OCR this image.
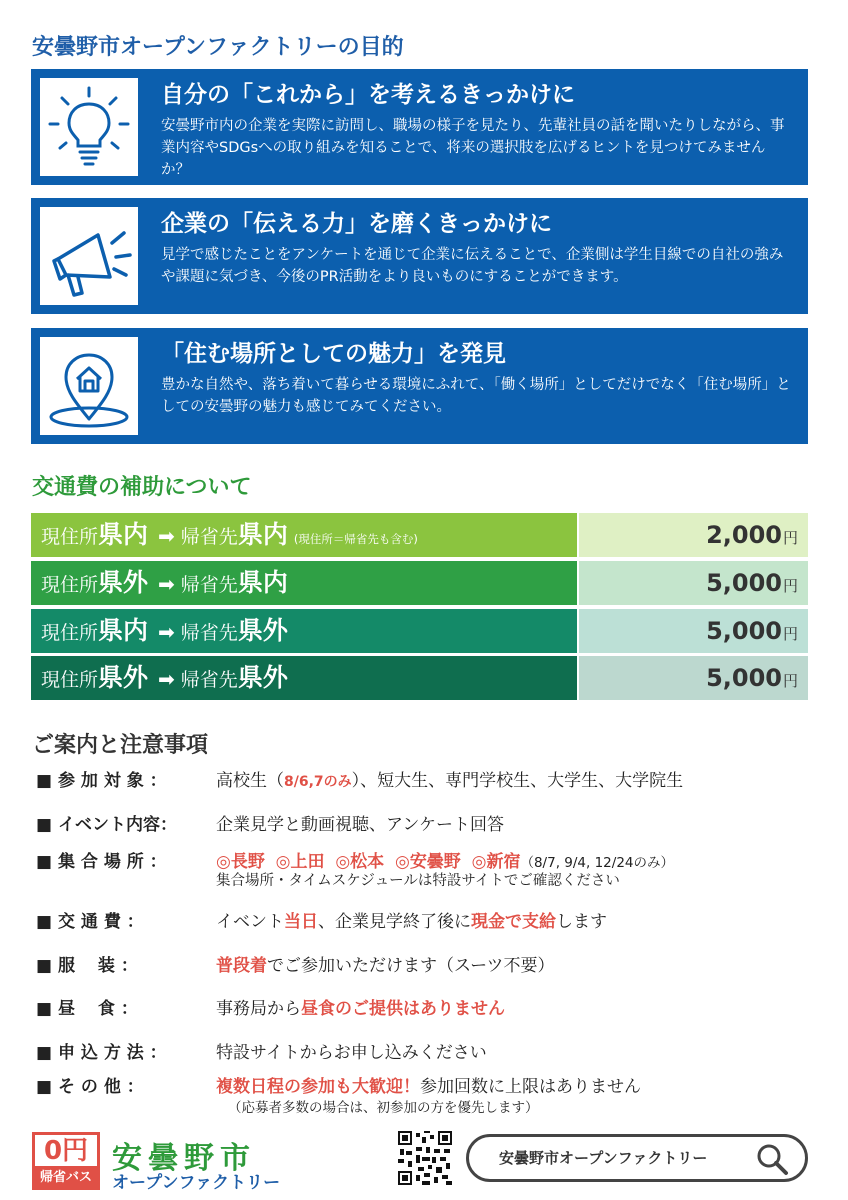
安曇野市オープンファクトリーの目的
自分の「これから」を考えるきっかけに
安曇野市内の企業を実際に訪問し、職場の様子を見たり、先輩社員の話を聞いたりしながら、事業内容やSDGsへの取り組みを知ることで、将来の選択肢を広げるヒントを見つけてみませんか？
企業の「伝える力」を磨くきっかけに
見学で感じたことをアンケートを通じて企業に伝えることで、企業側は学生目線での自社の強みや課題に気づき、今後のPR活動をより良いものにすることができます。
「住む場所としての魅力」を発見
豊かな自然や、落ち着いて暮らせる環境にふれて、「働く場所」としてだけでなく「住む場所」としての安曇野の魅力も感じてみてください。
交通費の補助について
現住所県内 ➡ 帰省先県内 (現住所＝帰省先も含む)	2,000円
現住所県外 ➡ 帰省先県内	5,000円
現住所県内 ➡ 帰省先県外	5,000円
現住所県外 ➡ 帰省先県外	5,000円
ご案内と注意事項
■ 参 加 対 象 ：	高校生（8/6,7のみ）、短大生、専門学校生、大学生、大学院生
■ イベント内容：	企業見学と動画視聴、アンケート回答
■ 集 合 場 所 ：	◎長野 ◎上田 ◎松本 ◎安曇野 ◎新宿（8/7, 9/4, 12/24のみ）
集合場所・タイムスケジュールは特設サイトでご確認ください
■ 交 通 費 ：	イベント当日、企業見学終了後に現金で支給します
■ 服　 装 ：	普段着でご参加いただけます（スーツ不要）
■ 昼　 食 ：	事務局から昼食のご提供はありません
■ 申 込 方 法 ：	特設サイトからお申し込みください
■ そ の 他 ：	複数日程の参加も大歓迎！参加回数に上限はありません
（応募者多数の場合は、初参加の方を優先します）
0円
帰省バス
安曇野市
オープンファクトリー
安曇野市オープンファクトリー
